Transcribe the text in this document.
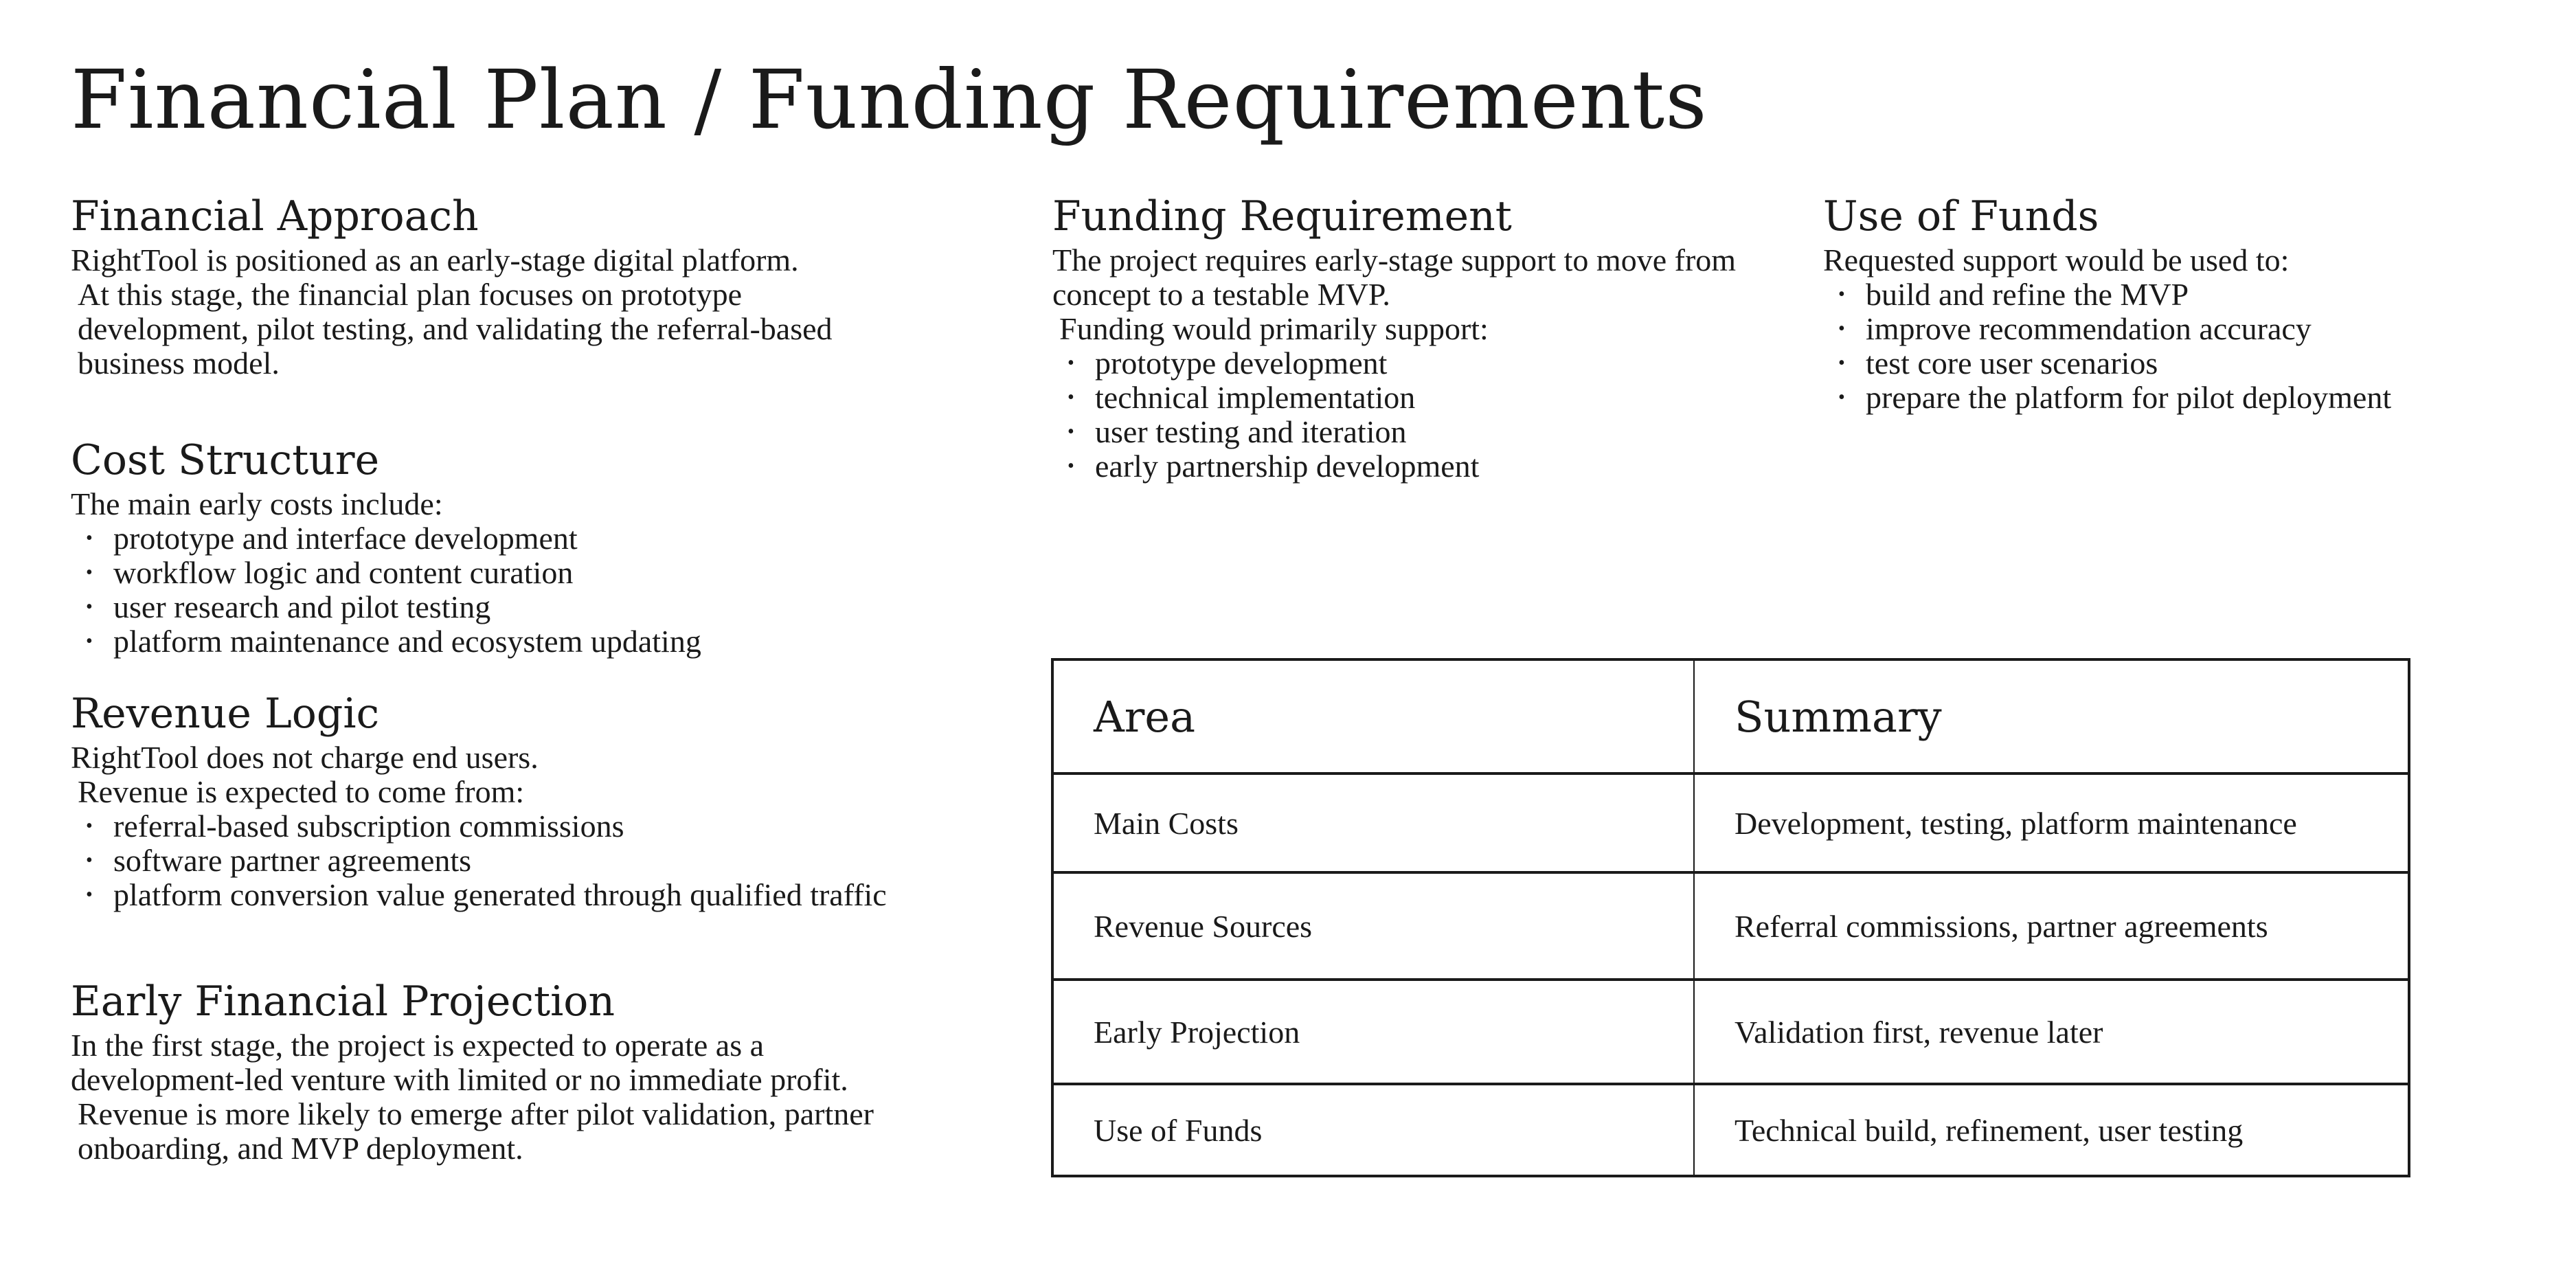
Financial Plan / Funding Requirements
Financial Approach

RightTool is positioned as an early-stage digital platform.

At this stage, the financial plan focuses on prototype development, pilot testing, and validating the referral-based business model.

Cost Structure

The main early costs include:

• prototype and interface development
• workflow logic and content curation
• user research and pilot testing
• platform maintenance and ecosystem updating
Revenue Logic

RightTool does not charge end users.

Revenue is expected to come from:

• referral-based subscription commissions
• software partner agreements
• platform conversion value generated through qualified traffic
Early Financial Projection

In the first stage, the project is expected to operate as a development-led venture with limited or no immediate profit.

Revenue is more likely to emerge after pilot validation, partner onboarding, and MVP deployment.

Funding Requirement

The project requires early-stage support to move from concept to a testable MVP.

Funding would primarily support:

• prototype development
• technical implementation
• user testing and iteration
• early partnership development
Use of Funds

Requested support would be used to:

• build and refine the MVP
• improve recommendation accuracy
• test core user scenarios
• prepare the platform for pilot deployment
Area	Summary
Main Costs	Development, testing, platform maintenance
Revenue Sources	Referral commissions, partner agreements
Early Projection	Validation first, revenue later
Use of Funds	Technical build, refinement, user testing
